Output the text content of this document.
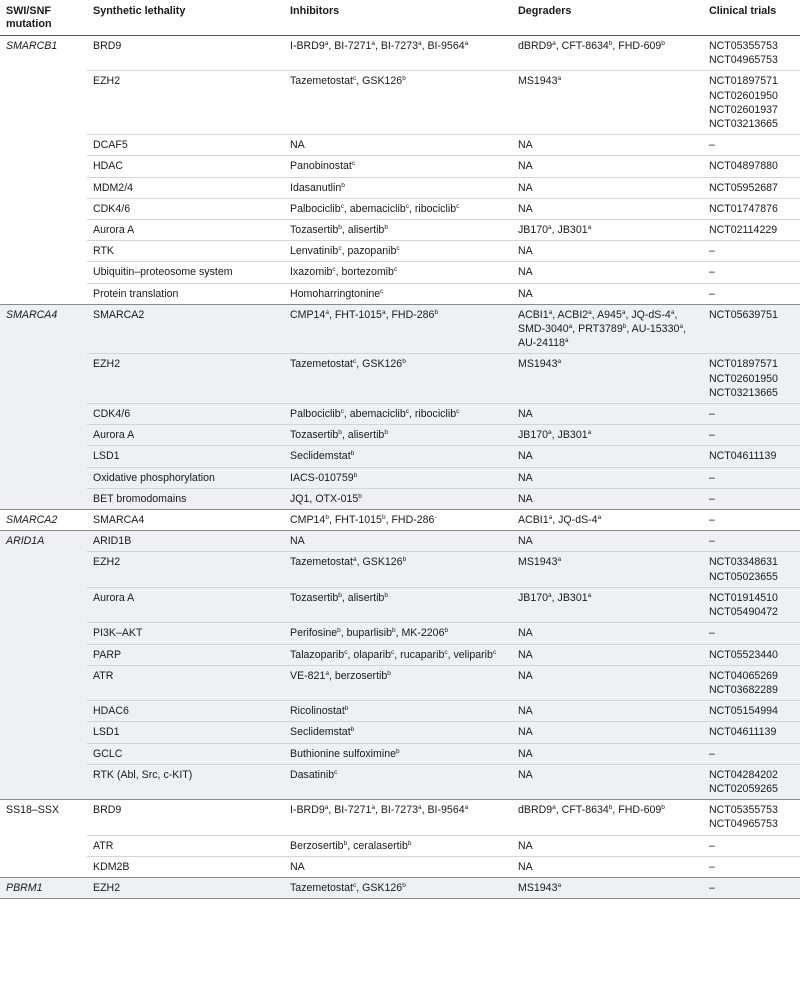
SWI/SNF mutation	Synthetic lethality	Inhibitors	Degraders	Clinical trials
SMARCB1	BRD9	I-BRD9$^a$, BI-7271$^a$, BI-7273$^a$, BI-9564$^a$	dBRD9$^a$, CFT-8634$^b$, FHD-609$^b$	NCT05355753
NCT04965753

	EZH2	Tazemetostat$^c$, GSK126$^b$	MS1943$^a$	NCT01897571
NCT02601950
NCT02601937
NCT03213665

	DCAF5	NA	NA	–

	HDAC	Panobinostat$^c$	NA	NCT04897880

	MDM2/4	Idasanutlin$^b$	NA	NCT05952687

	CDK4/6	Palbociclib$^c$, abemaciclib$^c$, ribociclib$^c$	NA	NCT01747876

	Aurora A	Tozasertib$^b$, alisertib$^b$	JB170$^a$, JB301$^a$	NCT02114229

	RTK	Lenvatinib$^c$, pazopanib$^c$	NA	–

	Ubiquitin–proteosome system	Ixazomib$^c$, bortezomib$^c$	NA	–

	Protein translation	Homoharringtonine$^c$	NA	–

SMARCA4	SMARCA2	CMP14$^a$, FHT-1015$^a$, FHD-286$^b$	ACBI1$^a$, ACBI2$^a$, A945$^a$, JQ-dS-4$^a$, SMD-3040$^a$, PRT3789$^b$, AU-15330$^a$, AU-24118$^a$	NCT05639751

	EZH2	Tazemetostat$^c$, GSK126$^b$	MS1943$^a$	NCT01897571
NCT02601950
NCT03213665

	CDK4/6	Palbociclib$^c$, abemaciclib$^c$, ribociclib$^c$	NA	–

	Aurora A	Tozasertib$^b$, alisertib$^b$	JB170$^a$, JB301$^a$	–

	LSD1	Seclidemstat$^b$	NA	NCT04611139

	Oxidative phosphorylation	IACS-010759$^b$	NA	–

	BET bromodomains	JQ1, OTX-015$^b$	NA	–

SMARCA2	SMARCA4	CMP14$^b$, FHT-1015$^b$, FHD-286-	ACBI1$^a$, JQ-dS-4$^a$	–

ARID1A	ARID1B	NA	NA	–

	EZH2	Tazemetostat$^a$, GSK126$^b$	MS1943$^a$	NCT03348631
NCT05023655

	Aurora A	Tozasertib$^b$, alisertib$^b$	JB170$^a$, JB301$^a$	NCT01914510
NCT05490472

	PI3K–AKT	Perifosine$^b$, buparlisib$^b$, MK-2206$^b$	NA	–

	PARP	Talazoparib$^c$, olaparib$^c$, rucaparib$^c$, veliparib$^c$	NA	NCT05523440

	ATR	VE-821$^a$, berzosertib$^b$	NA	NCT04065269
NCT03682289

	HDAC6	Ricolinostat$^b$	NA	NCT05154994

	LSD1	Seclidemstat$^b$	NA	NCT04611139

	GCLC	Buthionine sulfoximine$^b$	NA	–

	RTK (Abl, Src, c-KIT)	Dasatinib$^c$	NA	NCT04284202
NCT02059265

SS18–SSX	BRD9	I-BRD9$^a$, BI-7271$^a$, BI-7273$^a$, BI-9564$^a$	dBRD9$^a$, CFT-8634$^b$, FHD-609$^b$	NCT05355753
NCT04965753

	ATR	Berzosertib$^b$, ceralasertib$^b$	NA	–

	KDM2B	NA	NA	–

PBRM1	EZH2	Tazemetostat$^c$, GSK126$^b$	MS1943$^a$	–
